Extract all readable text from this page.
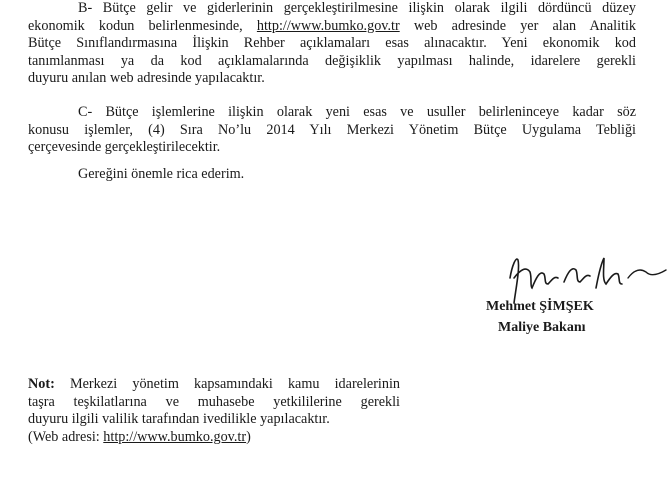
B- Bütçe gelir ve giderlerinin gerçekleştirilmesine ilişkin olarak ilgili dördüncü düzey
ekonomik kodun belirlenmesinde, http://www.bumko.gov.tr web adresinde yer alan Analitik
Bütçe Sınıflandırmasına İlişkin Rehber açıklamaları esas alınacaktır. Yeni ekonomik kod
tanımlanması ya da kod açıklamalarında değişiklik yapılması halinde, idarelere gerekli
duyuru anılan web adresinde yapılacaktır.
C- Bütçe işlemlerine ilişkin olarak yeni esas ve usuller belirleninceye kadar söz
konusu işlemler, (4) Sıra No’lu 2014 Yılı Merkezi Yönetim Bütçe Uygulama Tebliği
çerçevesinde gerçekleştirilecektir.
Gereğini önemle rica ederim.
Mehmet ŞİMŞEK
Maliye Bakanı
Not: Merkezi yönetim kapsamındaki kamu idarelerinin
taşra teşkilatlarına ve muhasebe yetkililerine gerekli
duyuru ilgili valilik tarafından ivedilikle yapılacaktır.
(Web adresi: http://www.bumko.gov.tr)
